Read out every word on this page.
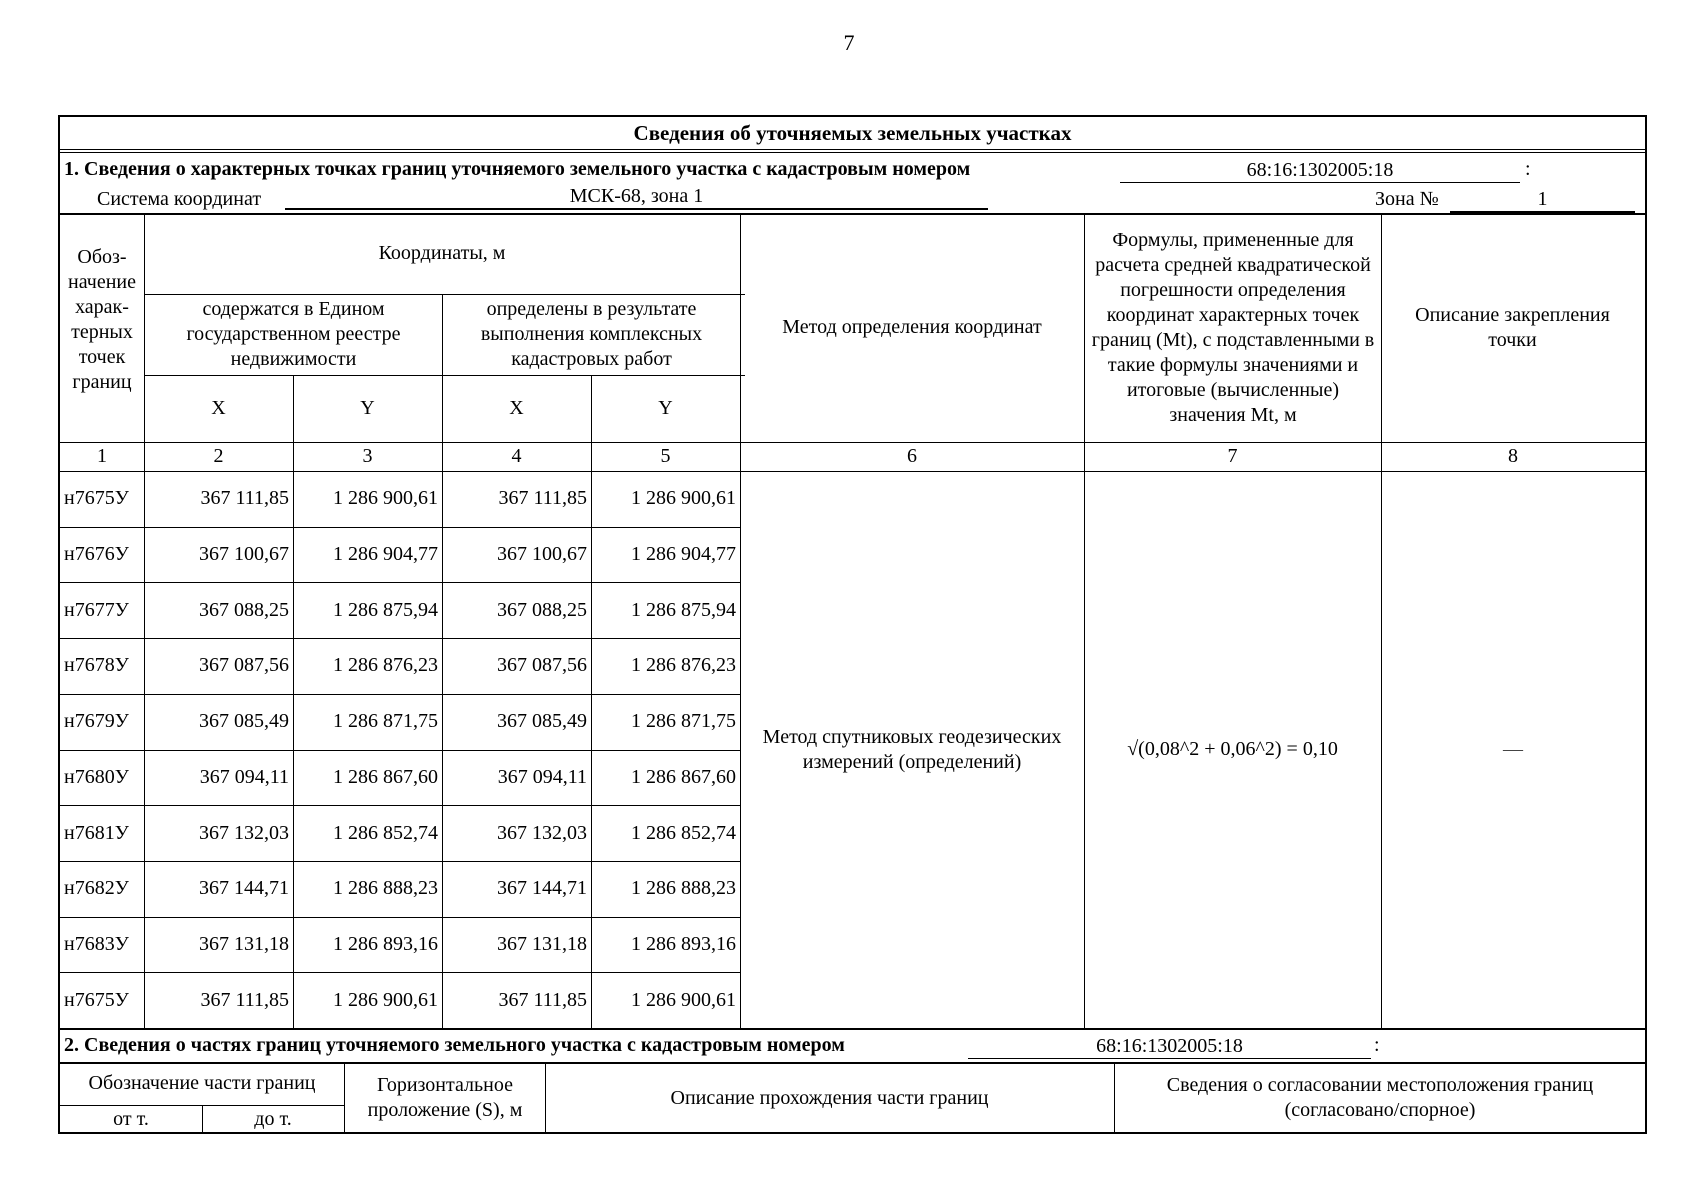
7
Сведения об уточняемых земельных участках
1. Сведения о характерных точках границ уточняемого земельного участка с кадастровым номером	68:16:1302005:18	:
Система координат	МСК-68, зона 1	Зона №	1
Обоз-начение харак-терных точек границ
Координаты, м
содержатся в Едином государственном реестре недвижимости
определены в результате выполнения комплексных кадастровых работ
X	Y	X	Y
Метод определения координат
Формулы, примененные для расчета средней квадратической погрешности определения координат характерных точек границ (Mt), с подставленными в такие формулы значениями и итоговые (вычисленные) значения Mt, м
Описание закрепления точки
1	2	3	4	5	6	7	8
н7675У	367 111,85	1 286 900,61	367 111,85	1 286 900,61
н7676У	367 100,67	1 286 904,77	367 100,67	1 286 904,77
н7677У	367 088,25	1 286 875,94	367 088,25	1 286 875,94
н7678У	367 087,56	1 286 876,23	367 087,56	1 286 876,23
н7679У	367 085,49	1 286 871,75	367 085,49	1 286 871,75
н7680У	367 094,11	1 286 867,60	367 094,11	1 286 867,60
н7681У	367 132,03	1 286 852,74	367 132,03	1 286 852,74
н7682У	367 144,71	1 286 888,23	367 144,71	1 286 888,23
н7683У	367 131,18	1 286 893,16	367 131,18	1 286 893,16
н7675У	367 111,85	1 286 900,61	367 111,85	1 286 900,61
Метод спутниковых геодезических измерений (определений)
√(0,08^2 + 0,06^2) = 0,10	—
2. Сведения о частях границ уточняемого земельного участка с кадастровым номером	68:16:1302005:18	:
Обозначение части границ
от т.	до т.
Горизонтальное проложение (S), м
Описание прохождения части границ
Сведения о согласовании местоположения границ (согласовано/спорное)
